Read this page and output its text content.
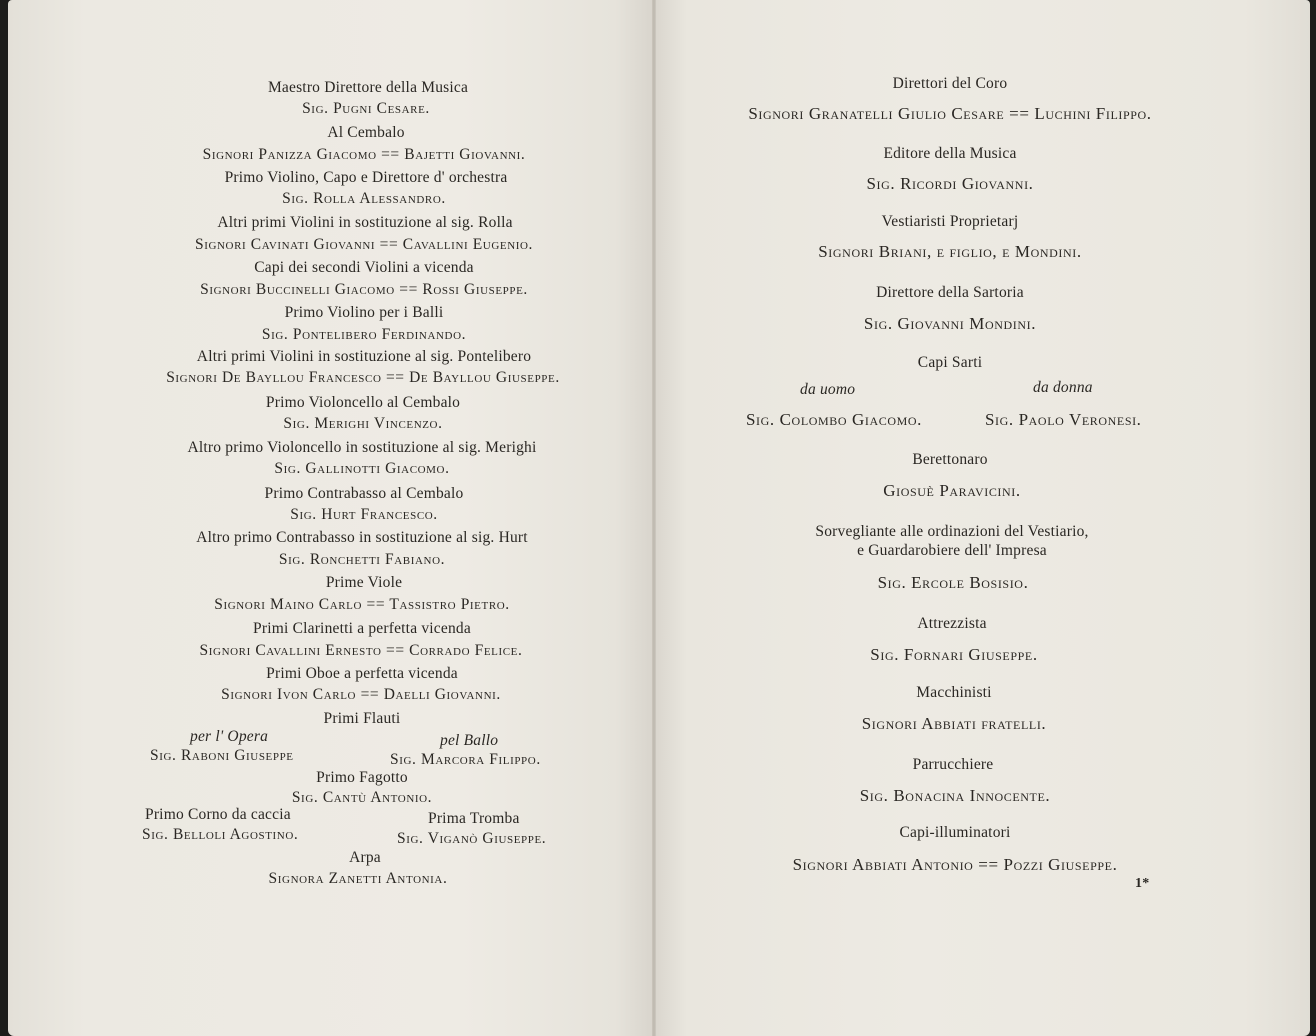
Maestro Direttore della Musica
Sig. Pugni Cesare.
Al Cembalo
Signori Panizza Giacomo == Bajetti Giovanni.
Primo Violino, Capo e Direttore d' orchestra
Sig. Rolla Alessandro.
Altri primi Violini in sostituzione al sig. Rolla
Signori Cavinati Giovanni == Cavallini Eugenio.
Capi dei secondi Violini a vicenda
Signori Buccinelli Giacomo == Rossi Giuseppe.
Primo Violino per i Balli
Sig. Pontelibero Ferdinando.
Altri primi Violini in sostituzione al sig. Pontelibero
Signori De Bayllou Francesco == De Bayllou Giuseppe.
Primo Violoncello al Cembalo
Sig. Merighi Vincenzo.
Altro primo Violoncello in sostituzione al sig. Merighi
Sig. Gallinotti Giacomo.
Primo Contrabasso al Cembalo
Sig. Hurt Francesco.
Altro primo Contrabasso in sostituzione al sig. Hurt
Sig. Ronchetti Fabiano.
Prime Viole
Signori Maino Carlo == Tassistro Pietro.
Primi Clarinetti a perfetta vicenda
Signori Cavallini Ernesto == Corrado Felice.
Primi Oboe a perfetta vicenda
Signori Ivon Carlo == Daelli Giovanni.
Primi Flauti
per l' Opera	pel Ballo
Sig. Raboni Giuseppe	Sig. Marcora Filippo.
Primo Fagotto
Sig. Cantù Antonio.
Primo Corno da caccia	Prima Tromba
Sig. Belloli Agostino.	Sig. Viganò Giuseppe.
Arpa
Signora Zanetti Antonia.
Direttori del Coro
Signori Granatelli Giulio Cesare == Luchini Filippo.
Editore della Musica
Sig. Ricordi Giovanni.
Vestiaristi Proprietarj
Signori Briani, e figlio, e Mondini.
Direttore della Sartoria
Sig. Giovanni Mondini.
Capi Sarti
da uomo	da donna
Sig. Colombo Giacomo.	Sig. Paolo Veronesi.
Berettonaro
Giosuè Paravicini.
Sorvegliante alle ordinazioni del Vestiario,
e Guardarobiere dell' Impresa
Sig. Ercole Bosisio.
Attrezzista
Sig. Fornari Giuseppe.
Macchinisti
Signori Abbiati fratelli.
Parrucchiere
Sig. Bonacina Innocente.
Capi-illuminatori
Signori Abbiati Antonio == Pozzi Giuseppe.
1*
